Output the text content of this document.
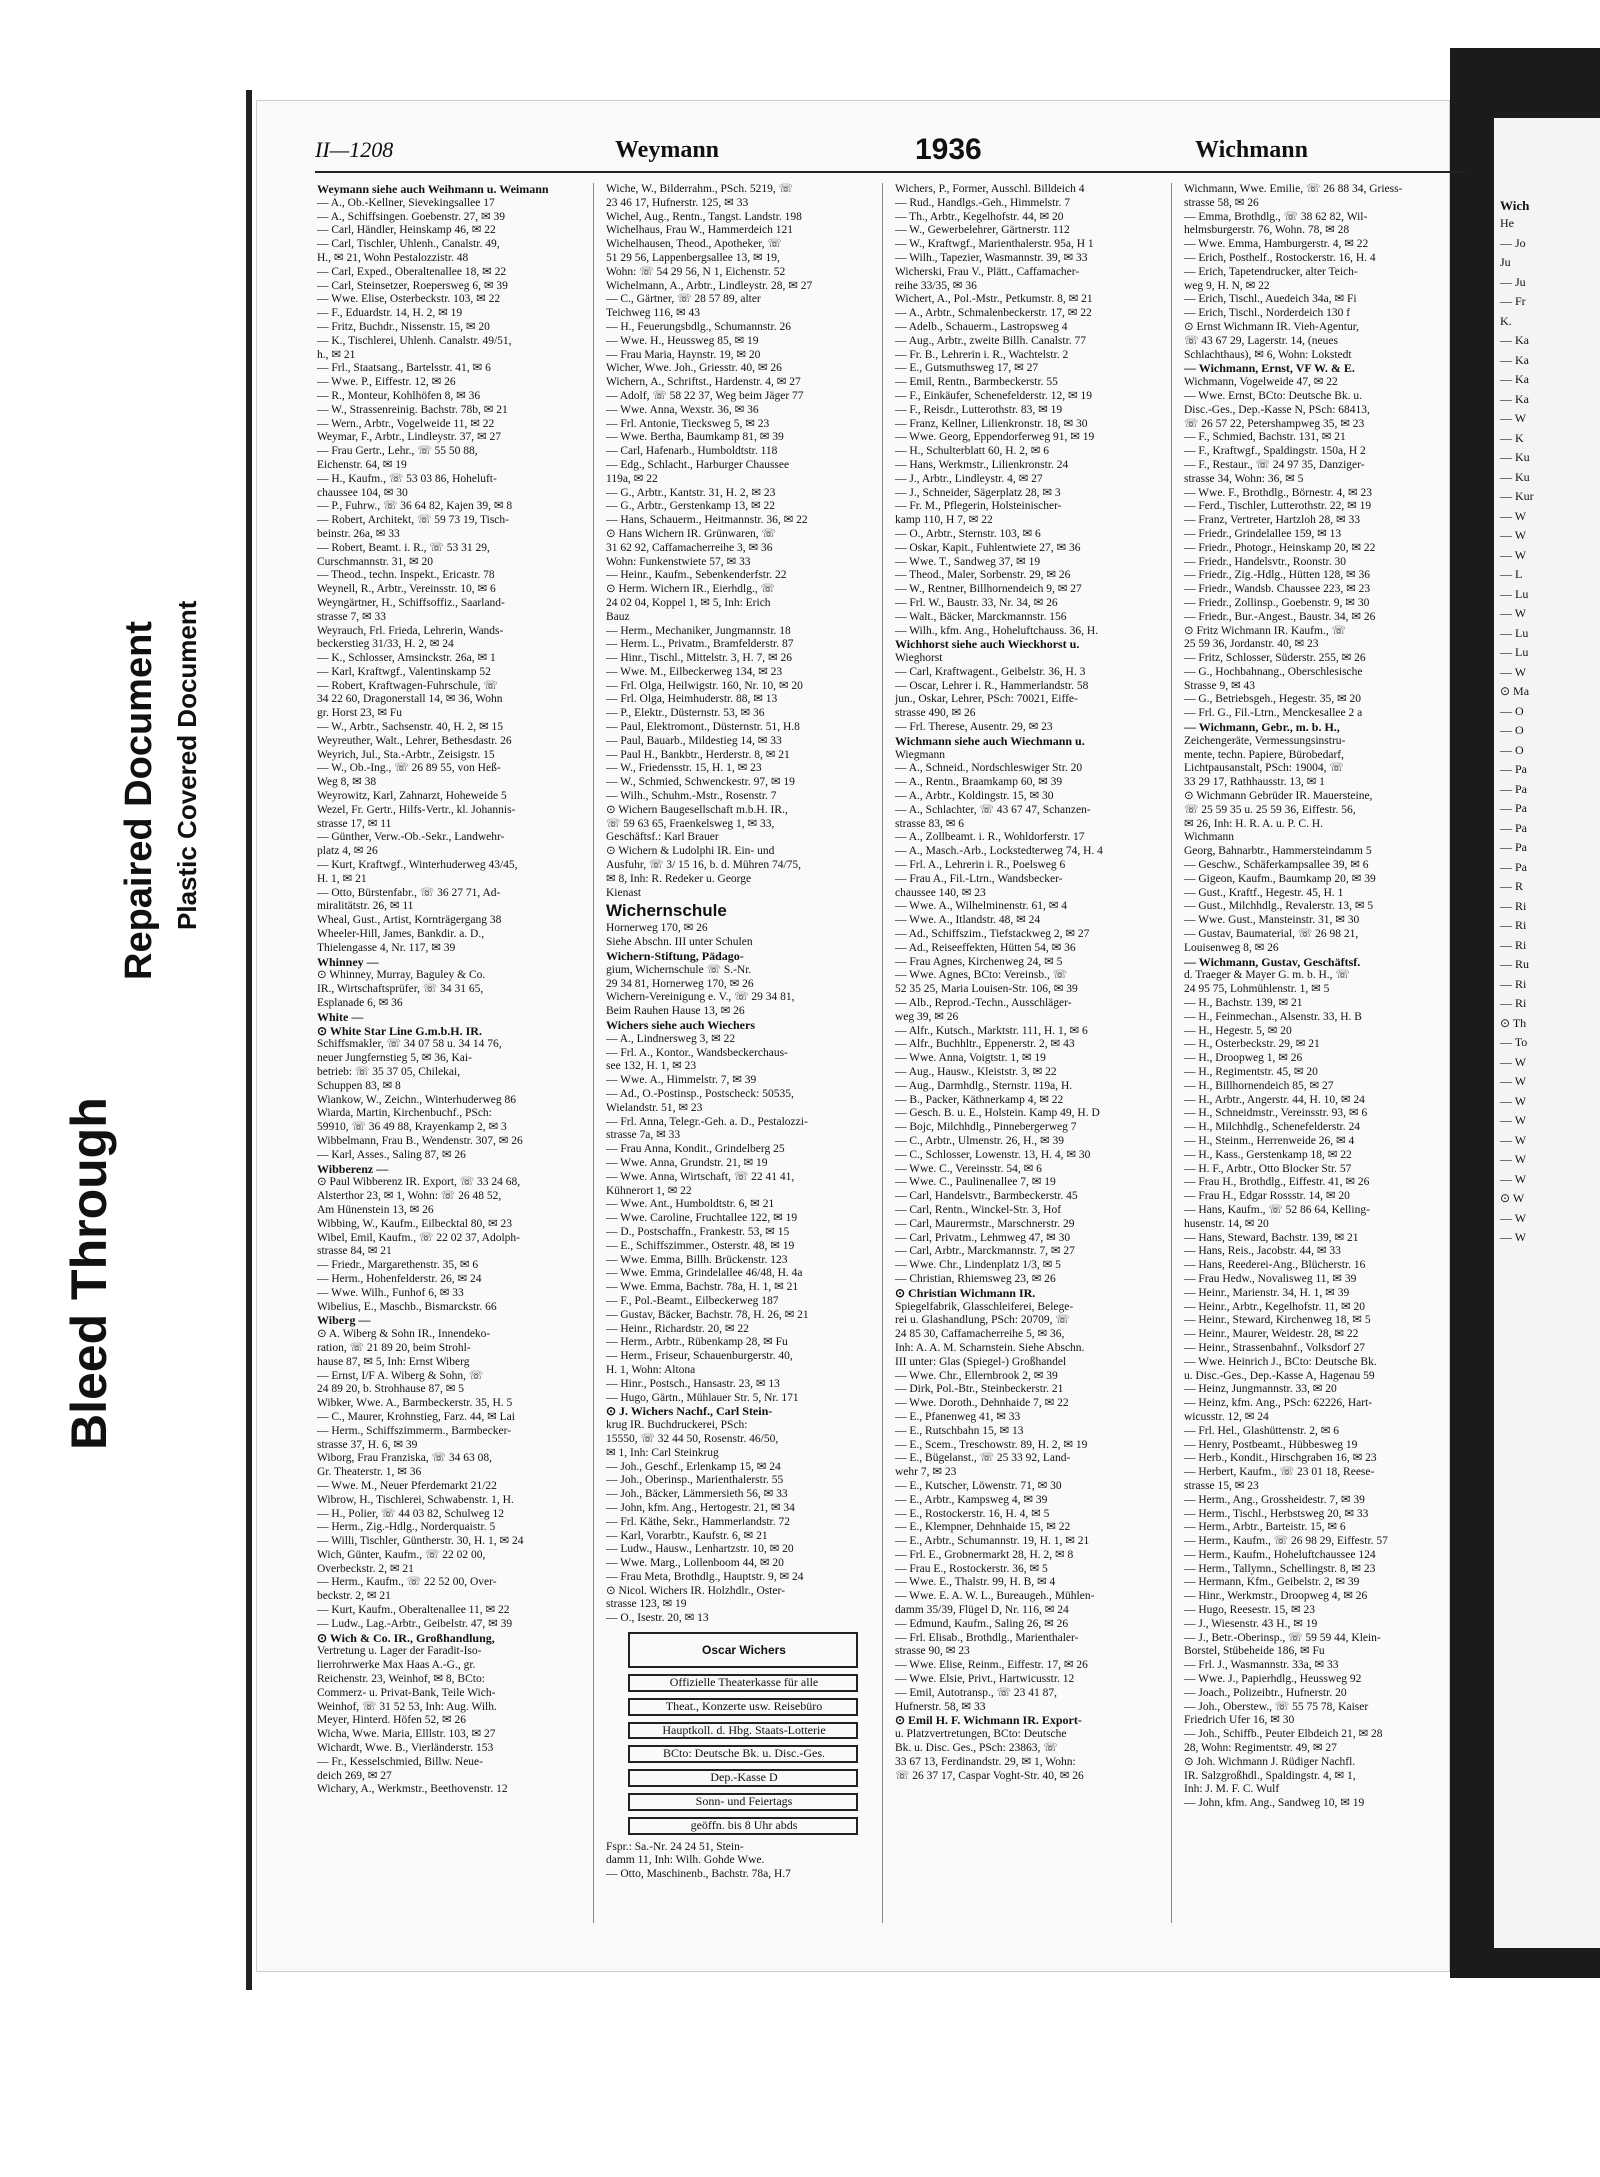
Bleed Through
Repaired Document Plastic Covered Document
Wich
He
— Jo
Ju
— Ju
— Fr
K.
— Ka
— Ka
— Ka
— Ka
— W
— K
— Ku
— Ku
— Kur
— W
— W
— W
— L
— Lu
— W
— Lu
— Lu
— W
⊙ Ma
— O
— O
— O
— Pa
— Pa
— Pa
— Pa
— Pa
— Pa
— R
— Ri
— Ri
— Ri
— Ru
— Ri
— Ri
⊙ Th
— To
— W
— W
— W
— W
— W
— W
— W
⊙ W
— W
— W
II—1208	Weymann	1936	Wichmann
Weymann siehe auch Weihmann u. Weimann
— A., Ob.-Kellner, Sievekingsallee 17
— A., Schiffsingen. Goebenstr. 27, ✉ 39
— Carl, Händler, Heinskamp 46, ✉ 22
— Carl, Tischler, Uhlenh., Canalstr. 49,
H., ✉ 21, Wohn Pestalozzistr. 48
— Carl, Exped., Oberaltenallee 18, ✉ 22
— Carl, Steinsetzer, Roepersweg 6, ✉ 39
— Wwe. Elise, Osterbeckstr. 103, ✉ 22
— F., Eduardstr. 14, H. 2, ✉ 19
— Fritz, Buchdr., Nissenstr. 15, ✉ 20
— K., Tischlerei, Uhlenh. Canalstr. 49/51,
h., ✉ 21
— Frl., Staatsang., Bartelsstr. 41, ✉ 6
— Wwe. P., Eiffestr. 12, ✉ 26
— R., Monteur, Kohlhöfen 8, ✉ 36
— W., Strassenreinig. Bachstr. 78b, ✉ 21
— Wern., Arbtr., Vogelweide 11, ✉ 22
Weymar, F., Arbtr., Lindleystr. 37, ✉ 27
— Frau Gertr., Lehr., ☏ 55 50 88,
Eichenstr. 64, ✉ 19
— H., Kaufm., ☏ 53 03 86, Hoheluft-
chaussee 104, ✉ 30
— P., Fuhrw., ☏ 36 64 82, Kajen 39, ✉ 8
— Robert, Architekt, ☏ 59 73 19, Tisch-
beinstr. 26a, ✉ 33
— Robert, Beamt. i. R., ☏ 53 31 29,
Curschmannstr. 31, ✉ 20
— Theod., techn. Inspekt., Ericastr. 78
Weynell, R., Arbtr., Vereinsstr. 10, ✉ 6
Weyngärtner, H., Schiffsoffiz., Saarland-
strasse 7, ✉ 33
Weyrauch, Frl. Frieda, Lehrerin, Wands-
beckerstieg 31/33, H. 2, ✉ 24
— K., Schlosser, Amsinckstr. 26a, ✉ 1
— Karl, Kraftwgf., Valentinskamp 52
— Robert, Kraftwagen-Fuhrschule, ☏
34 22 60, Dragonerstall 14, ✉ 36, Wohn
gr. Horst 23, ✉ Fu
— W., Arbtr., Sachsenstr. 40, H. 2, ✉ 15
Weyreuther, Walt., Lehrer, Bethesdastr. 26
Weyrich, Jul., Sta.-Arbtr., Zeisigstr. 15
— W., Ob.-Ing., ☏ 26 89 55, von Heß-
Weg 8, ✉ 38
Weyrowitz, Karl, Zahnarzt, Hoheweide 5
Wezel, Fr. Gertr., Hilfs-Vertr., kl. Johannis-
strasse 17, ✉ 11
— Günther, Verw.-Ob.-Sekr., Landwehr-
platz 4, ✉ 26
— Kurt, Kraftwgf., Winterhuderweg 43/45,
H. 1, ✉ 21
— Otto, Bürstenfabr., ☏ 36 27 71, Ad-
miralitätstr. 26, ✉ 11
Wheal, Gust., Artist, Kornträgergang 38
Wheeler-Hill, James, Bankdir. a. D.,
Thielengasse 4, Nr. 117, ✉ 39
Whinney —
⊙ Whinney, Murray, Baguley & Co.
IR., Wirtschaftsprüfer, ☏ 34 31 65,
Esplanade 6, ✉ 36
White —
⊙ White Star Line G.m.b.H. IR.
Schiffsmakler, ☏ 34 07 58 u. 34 14 76,
neuer Jungfernstieg 5, ✉ 36, Kai-
betrieb: ☏ 35 37 05, Chilekai,
Schuppen 83, ✉ 8
Wiankow, W., Zeichn., Winterhuderweg 86
Wiarda, Martin, Kirchenbuchf., PSch:
59910, ☏ 36 49 88, Krayenkamp 2, ✉ 3
Wibbelmann, Frau B., Wendenstr. 307, ✉ 26
— Karl, Asses., Saling 87, ✉ 26
Wibberenz —
⊙ Paul Wibberenz IR. Export, ☏ 33 24 68,
Alsterthor 23, ✉ 1, Wohn: ☏ 26 48 52,
Am Hünenstein 13, ✉ 26
Wibbing, W., Kaufm., Eilbecktal 80, ✉ 23
Wibel, Emil, Kaufm., ☏ 22 02 37, Adolph-
strasse 84, ✉ 21
— Friedr., Margarethenstr. 35, ✉ 6
— Herm., Hohenfelderstr. 26, ✉ 24
— Wwe. Wilh., Funhof 6, ✉ 33
Wibelius, E., Maschb., Bismarckstr. 66
Wiberg —
⊙ A. Wiberg & Sohn IR., Innendeko-
ration, ☏ 21 89 20, beim Strohl-
hause 87, ✉ 5, Inh: Ernst Wiberg
— Ernst, I/F A. Wiberg & Sohn, ☏
24 89 20, b. Strohhause 87, ✉ 5
Wibker, Wwe. A., Barmbeckerstr. 35, H. 5
— C., Maurer, Krohnstieg, Farz. 44, ✉ Lai
— Herm., Schiffszimmerm., Barmbecker-
strasse 37, H. 6, ✉ 39
Wiborg, Frau Franziska, ☏ 34 63 08,
Gr. Theaterstr. 1, ✉ 36
— Wwe. M., Neuer Pferdemarkt 21/22
Wibrow, H., Tischlerei, Schwabenstr. 1, H.
— H., Polier, ☏ 44 03 82, Schulweg 12
— Herm., Zig.-Hdlg., Norderquaistr. 5
— Willi, Tischler, Güntherstr. 30, H. 1, ✉ 24
Wich, Günter, Kaufm., ☏ 22 02 00,
Overbeckstr. 2, ✉ 21
— Herm., Kaufm., ☏ 22 52 00, Over-
beckstr. 2, ✉ 21
— Kurt, Kaufm., Oberaltenallee 11, ✉ 22
— Ludw., Lag.-Arbtr., Geibelstr. 47, ✉ 39
⊙ Wich & Co. IR., Großhandlung,
Vertretung u. Lager der Faradit-Iso-
lierrohrwerke Max Haas A.-G., gr.
Reichenstr. 23, Weinhof, ✉ 8, BCto:
Commerz- u. Privat-Bank, Teile Wich-
Weinhof, ☏ 31 52 53, Inh: Aug. Wilh.
Meyer, Hinterd. Höfen 52, ✉ 26
Wicha, Wwe. Maria, Elllstr. 103, ✉ 27
Wichardt, Wwe. B., Vierländerstr. 153
— Fr., Kesselschmied, Billw. Neue-
deich 269, ✉ 27
Wichary, A., Werkmstr., Beethovenstr. 12
Wiche, W., Bilderrahm., PSch. 5219, ☏
23 46 17, Hufnerstr. 125, ✉ 33
Wichel, Aug., Rentn., Tangst. Landstr. 198
Wichelhaus, Frau W., Hammerdeich 121
Wichelhausen, Theod., Apotheker, ☏
51 29 56, Lappenbergsallee 13, ✉ 19,
Wohn: ☏ 54 29 56, N 1, Eichenstr. 52
Wichelmann, A., Arbtr., Lindleystr. 28, ✉ 27
— C., Gärtner, ☏ 28 57 89, alter
Teichweg 116, ✉ 43
— H., Feuerungsbdlg., Schumannstr. 26
— Wwe. H., Heussweg 85, ✉ 19
— Frau Maria, Haynstr. 19, ✉ 20
Wicher, Wwe. Joh., Griesstr. 40, ✉ 26
Wichern, A., Schriftst., Hardenstr. 4, ✉ 27
— Adolf, ☏ 58 22 37, Weg beim Jäger 77
— Wwe. Anna, Wexstr. 36, ✉ 36
— Frl. Antonie, Tiecksweg 5, ✉ 23
— Wwe. Bertha, Baumkamp 81, ✉ 39
— Carl, Hafenarb., Humboldtstr. 118
— Edg., Schlacht., Harburger Chaussee
119a, ✉ 22
— G., Arbtr., Kantstr. 31, H. 2, ✉ 23
— G., Arbtr., Gerstenkamp 13, ✉ 22
— Hans, Schauerm., Heitmannstr. 36, ✉ 22
⊙ Hans Wichern IR. Grünwaren, ☏
31 62 92, Caffamacherreihe 3, ✉ 36
Wohn: Funkenstwiete 57, ✉ 33
— Heinr., Kaufm., Sebenkenderfstr. 22
⊙ Herm. Wichern IR., Eierhdlg., ☏
24 02 04, Koppel 1, ✉ 5, Inh: Erich
Bauz
— Herm., Mechaniker, Jungmannstr. 18
— Herm. L., Privatm., Bramfelderstr. 87
— Hinr., Tischl., Mittelstr. 3, H. 7, ✉ 26
— Wwe. M., Eilbeckerweg 134, ✉ 23
— Frl. Olga, Heilwigstr. 160, Nr. 10, ✉ 20
— Frl. Olga, Heimhuderstr. 88, ✉ 13
— P., Elektr., Düsternstr. 53, ✉ 36
— Paul, Elektromont., Düsternstr. 51, H.8
— Paul, Bauarb., Mildestieg 14, ✉ 33
— Paul H., Bankbtr., Herderstr. 8, ✉ 21
— W., Friedensstr. 15, H. 1, ✉ 23
— W., Schmied, Schwenckestr. 97, ✉ 19
— Wilh., Schuhm.-Mstr., Rosenstr. 7
⊙ Wichern Baugesellschaft m.b.H. IR.,
☏ 59 63 65, Fraenkelsweg 1, ✉ 33,
Geschäftsf.: Karl Brauer
⊙ Wichern & Ludolphi IR. Ein- und
Ausfuhr, ☏ 3/ 15 16, b. d. Mühren 74/75,
✉ 8, Inh: R. Redeker u. George
Kienast
Wichernschule
Hornerweg 170, ✉ 26
Siehe Abschn. III unter Schulen
Wichern-Stiftung, Pädago-
gium, Wichernschule ☏ S.-Nr.
29 34 81, Hornerweg 170, ✉ 26
Wichern-Vereinigung e. V., ☏ 29 34 81,
Beim Rauhen Hause 13, ✉ 26
Wichers siehe auch Wiechers
— A., Lindnersweg 3, ✉ 22
— Frl. A., Kontor., Wandsbeckerchaus-
see 132, H. 1, ✉ 23
— Wwe. A., Himmelstr. 7, ✉ 39
— Ad., O.-Postinsp., Postscheck: 50535,
Wielandstr. 51, ✉ 23
— Frl. Anna, Telegr.-Geh. a. D., Pestalozzi-
strasse 7a, ✉ 33
— Frau Anna, Kondit., Grindelberg 25
— Wwe. Anna, Grundstr. 21, ✉ 19
— Wwe. Anna, Wirtschaft, ☏ 22 41 41,
Kühnerort 1, ✉ 22
— Wwe. Ant., Humboldtstr. 6, ✉ 21
— Wwe. Caroline, Fruchtallee 122, ✉ 19
— D., Postschaffn., Frankestr. 53, ✉ 15
— E., Schiffszimmer., Osterstr. 48, ✉ 19
— Wwe. Emma, Billh. Brückenstr. 123
— Wwe. Emma, Grindelallee 46/48, H. 4a
— Wwe. Emma, Bachstr. 78a, H. 1, ✉ 21
— F., Pol.-Beamt., Eilbeckerweg 187
— Gustav, Bäcker, Bachstr. 78, H. 26, ✉ 21
— Heinr., Richardstr. 20, ✉ 22
— Herm., Arbtr., Rübenkamp 28, ✉ Fu
— Herm., Friseur, Schauenburgerstr. 40,
H. 1, Wohn: Altona
— Hinr., Postsch., Hansastr. 23, ✉ 13
— Hugo, Gärtn., Mühlauer Str. 5, Nr. 171
⊙ J. Wichers Nachf., Carl Stein-
krug IR. Buchdruckerei, PSch:
15550, ☏ 32 44 50, Rosenstr. 46/50,
✉ 1, Inh: Carl Steinkrug
— Joh., Geschf., Erlenkamp 15, ✉ 24
— Joh., Oberinsp., Marienthalerstr. 55
— Joh., Bäcker, Lämmersieth 56, ✉ 33
— John, kfm. Ang., Hertogestr. 21, ✉ 34
— Frl. Käthe, Sekr., Hammerlandstr. 72
— Karl, Vorarbtr., Kaufstr. 6, ✉ 21
— Ludw., Hausw., Lenhartzstr. 10, ✉ 20
— Wwe. Marg., Lollenboom 44, ✉ 20
— Frau Meta, Brothdlg., Hauptstr. 9, ✉ 24
⊙ Nicol. Wichers IR. Holzhdlr., Oster-
strasse 123, ✉ 19
— O., Isestr. 20, ✉ 13
Oscar Wichers
Offizielle Theaterkasse für alle
Theat., Konzerte usw. Reisebüro
Hauptkoll. d. Hbg. Staats-Lotterie
BCto: Deutsche Bk. u. Disc.-Ges.
Dep.-Kasse D
Sonn- und Feiertags
geöffn. bis 8 Uhr abds
Fspr.: Sa.-Nr. 24 24 51, Stein-
damm 11, Inh: Wilh. Gohde Wwe.
— Otto, Maschinenb., Bachstr. 78a, H.7
Wichers, P., Former, Ausschl. Billdeich 4
— Rud., Handlgs.-Geh., Himmelstr. 7
— Th., Arbtr., Kegelhofstr. 44, ✉ 20
— W., Gewerbelehrer, Gärtnerstr. 112
— W., Kraftwgf., Marienthalerstr. 95a, H 1
— Wilh., Tapezier, Wasmannstr. 39, ✉ 33
Wicherski, Frau V., Plätt., Caffamacher-
reihe 33/35, ✉ 36
Wichert, A., Pol.-Mstr., Petkumstr. 8, ✉ 21
— A., Arbtr., Schmalenbeckerstr. 17, ✉ 22
— Adelb., Schauerm., Lastropsweg 4
— Aug., Arbtr., zweite Billh. Canalstr. 77
— Fr. B., Lehrerin i. R., Wachtelstr. 2
— E., Gutsmuthsweg 17, ✉ 27
— Emil, Rentn., Barmbeckerstr. 55
— F., Einkäufer, Schenefelderstr. 12, ✉ 19
— F., Reisdr., Lutterothstr. 83, ✉ 19
— Franz, Kellner, Lilienkronstr. 18, ✉ 30
— Wwe. Georg, Eppendorferweg 91, ✉ 19
— H., Schulterblatt 60, H. 2, ✉ 6
— Hans, Werkmstr., Lilienkronstr. 24
— J., Arbtr., Lindleystr. 4, ✉ 27
— J., Schneider, Sägerplatz 28, ✉ 3
— Fr. M., Pflegerin, Holsteinischer-
kamp 110, H 7, ✉ 22
— O., Arbtr., Sternstr. 103, ✉ 6
— Oskar, Kapit., Fuhlentwiete 27, ✉ 36
— Wwe. T., Sandweg 37, ✉ 19
— Theod., Maler, Sorbenstr. 29, ✉ 26
— W., Rentner, Billhornendeich 9, ✉ 27
— Frl. W., Baustr. 33, Nr. 34, ✉ 26
— Walt., Bäcker, Marckmannstr. 156
— Wilh., kfm. Ang., Hoheluftchauss. 36, H.
Wichhorst siehe auch Wieckhorst u.
Wieghorst
— Carl, Kraftwagent., Geibelstr. 36, H. 3
— Oscar, Lehrer i. R., Hammerlandstr. 58
jun., Oskar, Lehrer, PSch: 70021, Eiffe-
strasse 490, ✉ 26
— Frl. Therese, Ausentr. 29, ✉ 23
Wichmann siehe auch Wiechmann u.
Wiegmann
— A., Schneid., Nordschleswiger Str. 20
— A., Rentn., Braamkamp 60, ✉ 39
— A., Arbtr., Koldingstr. 15, ✉ 30
— A., Schlachter, ☏ 43 67 47, Schanzen-
strasse 83, ✉ 6
— A., Zollbeamt. i. R., Wohldorferstr. 17
— A., Masch.-Arb., Lockstedterweg 74, H. 4
— Frl. A., Lehrerin i. R., Poelsweg 6
— Frau A., Fil.-Ltrn., Wandsbecker-
chaussee 140, ✉ 23
— Wwe. A., Wilhelminenstr. 61, ✉ 4
— Wwe. A., Itlandstr. 48, ✉ 24
— Ad., Schiffszim., Tiefstackweg 2, ✉ 27
— Ad., Reiseeffekten, Hütten 54, ✉ 36
— Frau Agnes, Kirchenweg 24, ✉ 5
— Wwe. Agnes, BCto: Vereinsb., ☏
52 35 25, Maria Louisen-Str. 106, ✉ 39
— Alb., Reprod.-Techn., Ausschläger-
weg 39, ✉ 26
— Alfr., Kutsch., Marktstr. 111, H. 1, ✉ 6
— Alfr., Buchhltr., Eppenerstr. 2, ✉ 43
— Wwe. Anna, Voigtstr. 1, ✉ 19
— Aug., Hausw., Kleiststr. 3, ✉ 22
— Aug., Darmhdlg., Sternstr. 119a, H.
— B., Packer, Käthnerkamp 4, ✉ 22
— Gesch. B. u. E., Holstein. Kamp 49, H. D
— Bojc, Milchhdlg., Pinnebergerweg 7
— C., Arbtr., Ulmenstr. 26, H., ✉ 39
— C., Schlosser, Lowenstr. 13, H. 4, ✉ 30
— Wwe. C., Vereinsstr. 54, ✉ 6
— Wwe. C., Paulinenallee 7, ✉ 19
— Carl, Handelsvtr., Barmbeckerstr. 45
— Carl, Rentn., Winckel-Str. 3, Hof
— Carl, Maurermstr., Marschnerstr. 29
— Carl, Privatm., Lehmweg 47, ✉ 30
— Carl, Arbtr., Marckmannstr. 7, ✉ 27
— Wwe. Chr., Lindenplatz 1/3, ✉ 5
— Christian, Rhiemsweg 23, ✉ 26
⊙ Christian Wichmann IR.
Spiegelfabrik, Glasschleiferei, Belege-
rei u. Glashandlung, PSch: 20709, ☏
24 85 30, Caffamacherreihe 5, ✉ 36,
Inh: A. A. M. Scharnstein. Siehe Abschn.
III unter: Glas (Spiegel-) Großhandel
— Wwe. Chr., Ellernbrook 2, ✉ 39
— Dirk, Pol.-Btr., Steinbeckerstr. 21
— Wwe. Doroth., Dehnhaide 7, ✉ 22
— E., Pfanenweg 41, ✉ 33
— E., Rutschbahn 15, ✉ 13
— E., Scem., Treschowstr. 89, H. 2, ✉ 19
— E., Bügelanst., ☏ 25 33 92, Land-
wehr 7, ✉ 23
— E., Kutscher, Löwenstr. 71, ✉ 30
— E., Arbtr., Kampsweg 4, ✉ 39
— E., Rostockerstr. 16, H. 4, ✉ 5
— E., Klempner, Dehnhaide 15, ✉ 22
— E., Arbtr., Schumannstr. 19, H. 1, ✉ 21
— Frl. E., Grobnermarkt 28, H. 2, ✉ 8
— Frau E., Rostockerstr. 36, ✉ 5
— Wwe. E., Thalstr. 99, H. B, ✉ 4
— Wwe. E. A. W. L., Bureaugeh., Mühlen-
damm 35/39, Flügel D, Nr. 116, ✉ 24
— Edmund, Kaufm., Saling 26, ✉ 26
— Frl. Elisab., Brothdlg., Marienthaler-
strasse 90, ✉ 23
— Wwe. Elise, Reinm., Eiffestr. 17, ✉ 26
— Wwe. Elsie, Privt., Hartwicusstr. 12
— Emil, Autotransp., ☏ 23 41 87,
Hufnerstr. 58, ✉ 33
⊙ Emil H. F. Wichmann IR. Export-
u. Platzvertretungen, BCto: Deutsche
Bk. u. Disc. Ges., PSch: 23863, ☏
33 67 13, Ferdinandstr. 29, ✉ 1, Wohn:
☏ 26 37 17, Caspar Voght-Str. 40, ✉ 26
Wichmann, Wwe. Emilie, ☏ 26 88 34, Griess-
strasse 58, ✉ 26
— Emma, Brothdlg., ☏ 38 62 82, Wil-
helmsburgerstr. 76, Wohn. 78, ✉ 28
— Wwe. Emma, Hamburgerstr. 4, ✉ 22
— Erich, Posthelf., Rostockerstr. 16, H. 4
— Erich, Tapetendrucker, alter Teich-
weg 9, H. N, ✉ 22
— Erich, Tischl., Auedeich 34a, ✉ Fi
— Erich, Tischl., Norderdeich 130 f
⊙ Ernst Wichmann IR. Vieh-Agentur,
☏ 43 67 29, Lagerstr. 14, (neues
Schlachthaus), ✉ 6, Wohn: Lokstedt
— Wichmann, Ernst, VF W. & E.
Wichmann, Vogelweide 47, ✉ 22
— Wwe. Ernst, BCto: Deutsche Bk. u.
Disc.-Ges., Dep.-Kasse N, PSch: 68413,
☏ 26 57 22, Petershampweg 35, ✉ 23
— F., Schmied, Bachstr. 131, ✉ 21
— F., Kraftwgf., Spaldingstr. 150a, H 2
— F., Restaur., ☏ 24 97 35, Danziger-
strasse 34, Wohn: 36, ✉ 5
— Wwe. F., Brothdlg., Börnestr. 4, ✉ 23
— Ferd., Tischler, Lutterothstr. 22, ✉ 19
— Franz, Vertreter, Hartzloh 28, ✉ 33
— Friedr., Grindelallee 159, ✉ 13
— Friedr., Photogr., Heinskamp 20, ✉ 22
— Friedr., Handelsvtr., Roonstr. 30
— Friedr., Zig.-Hdlg., Hütten 128, ✉ 36
— Friedr., Wandsb. Chaussee 223, ✉ 23
— Friedr., Zollinsp., Goebenstr. 9, ✉ 30
— Friedr., Bur.-Angest., Baustr. 34, ✉ 26
⊙ Fritz Wichmann IR. Kaufm., ☏
25 59 36, Jordanstr. 40, ✉ 23
— Fritz, Schlosser, Süderstr. 255, ✉ 26
— G., Hochbahnang., Oberschlesische
Strasse 9, ✉ 43
— G., Betriebsgeh., Hegestr. 35, ✉ 20
— Frl. G., Fil.-Ltrn., Menckesallee 2 a
— Wichmann, Gebr., m. b. H.,
Zeichengeräte, Vermessungsinstru-
mente, techn. Papiere, Bürobedarf,
Lichtpausanstalt, PSch: 19004, ☏
33 29 17, Rathhausstr. 13, ✉ 1
⊙ Wichmann Gebrüder IR. Mauersteine,
☏ 25 59 35 u. 25 59 36, Eiffestr. 56,
✉ 26, Inh: H. R. A. u. P. C. H.
Wichmann
Georg, Bahnarbtr., Hammersteindamm 5
— Geschw., Schäferkampsallee 39, ✉ 6
— Gigeon, Kaufm., Baumkamp 20, ✉ 39
— Gust., Kraftf., Hegestr. 45, H. 1
— Gust., Milchhdlg., Revalerstr. 13, ✉ 5
— Wwe. Gust., Mansteinstr. 31, ✉ 30
— Gustav, Baumaterial, ☏ 26 98 21,
Louisenweg 8, ✉ 26
— Wichmann, Gustav, Geschäftsf.
d. Traeger & Mayer G. m. b. H., ☏
24 95 75, Lohmühlenstr. 1, ✉ 5
— H., Bachstr. 139, ✉ 21
— H., Feinmechan., Alsenstr. 33, H. B
— H., Hegestr. 5, ✉ 20
— H., Osterbeckstr. 29, ✉ 21
— H., Droopweg 1, ✉ 26
— H., Regimentstr. 45, ✉ 20
— H., Billhornendeich 85, ✉ 27
— H., Arbtr., Angerstr. 44, H. 10, ✉ 24
— H., Schneidmstr., Vereinsstr. 93, ✉ 6
— H., Milchhdlg., Schenefelderstr. 24
— H., Steinm., Herrenweide 26, ✉ 4
— H., Kass., Gerstenkamp 18, ✉ 22
— H. F., Arbtr., Otto Blocker Str. 57
— Frau H., Brothdlg., Eiffestr. 41, ✉ 26
— Frau H., Edgar Rossstr. 14, ✉ 20
— Hans, Kaufm., ☏ 52 86 64, Kelling-
husenstr. 14, ✉ 20
— Hans, Steward, Bachstr. 139, ✉ 21
— Hans, Reis., Jacobstr. 44, ✉ 33
— Hans, Reederei-Ang., Blücherstr. 16
— Frau Hedw., Novalisweg 11, ✉ 39
— Heinr., Marienstr. 34, H. 1, ✉ 39
— Heinr., Arbtr., Kegelhofstr. 11, ✉ 20
— Heinr., Steward, Kirchenweg 18, ✉ 5
— Heinr., Maurer, Weidestr. 28, ✉ 22
— Heinr., Strassenbahnf., Volksdorf 27
— Wwe. Heinrich J., BCto: Deutsche Bk.
u. Disc.-Ges., Dep.-Kasse A, Hagenau 59
— Heinz, Jungmannstr. 33, ✉ 20
— Heinz, kfm. Ang., PSch: 62226, Hart-
wicusstr. 12, ✉ 24
— Frl. Hel., Glashüttenstr. 2, ✉ 6
— Henry, Postbeamt., Hübbesweg 19
— Herb., Kondit., Hirschgraben 16, ✉ 23
— Herbert, Kaufm., ☏ 23 01 18, Reese-
strasse 15, ✉ 23
— Herm., Ang., Grossheidestr. 7, ✉ 39
— Herm., Tischl., Herbstsweg 20, ✉ 33
— Herm., Arbtr., Barteistr. 15, ✉ 6
— Herm., Kaufm., ☏ 26 98 29, Eiffestr. 57
— Herm., Kaufm., Hoheluftchaussee 124
— Herm., Tallymn., Schellingstr. 8, ✉ 23
— Hermann, Kfm., Geibelstr. 2, ✉ 39
— Hinr., Werkmstr., Droopweg 4, ✉ 26
— Hugo, Reesestr. 15, ✉ 23
— J., Wiesenstr. 43 H., ✉ 19
— J., Betr.-Oberinsp., ☏ 59 59 44, Klein-
Borstel, Stübeheide 186, ✉ Fu
— Frl. J., Wasmannstr. 33a, ✉ 33
— Wwe. J., Papierhdlg., Heussweg 92
— Joach., Polizeibtr., Hufnerstr. 20
— Joh., Oberstew., ☏ 55 75 78, Kaiser
Friedrich Ufer 16, ✉ 30
— Joh., Schiffb., Peuter Elbdeich 21, ✉ 28
28, Wohn: Regimentstr. 49, ✉ 27
⊙ Joh. Wichmann J. Rüdiger Nachfl.
IR. Salzgroßhdl., Spaldingstr. 4, ✉ 1,
Inh: J. M. F. C. Wulf
— John, kfm. Ang., Sandweg 10, ✉ 19
